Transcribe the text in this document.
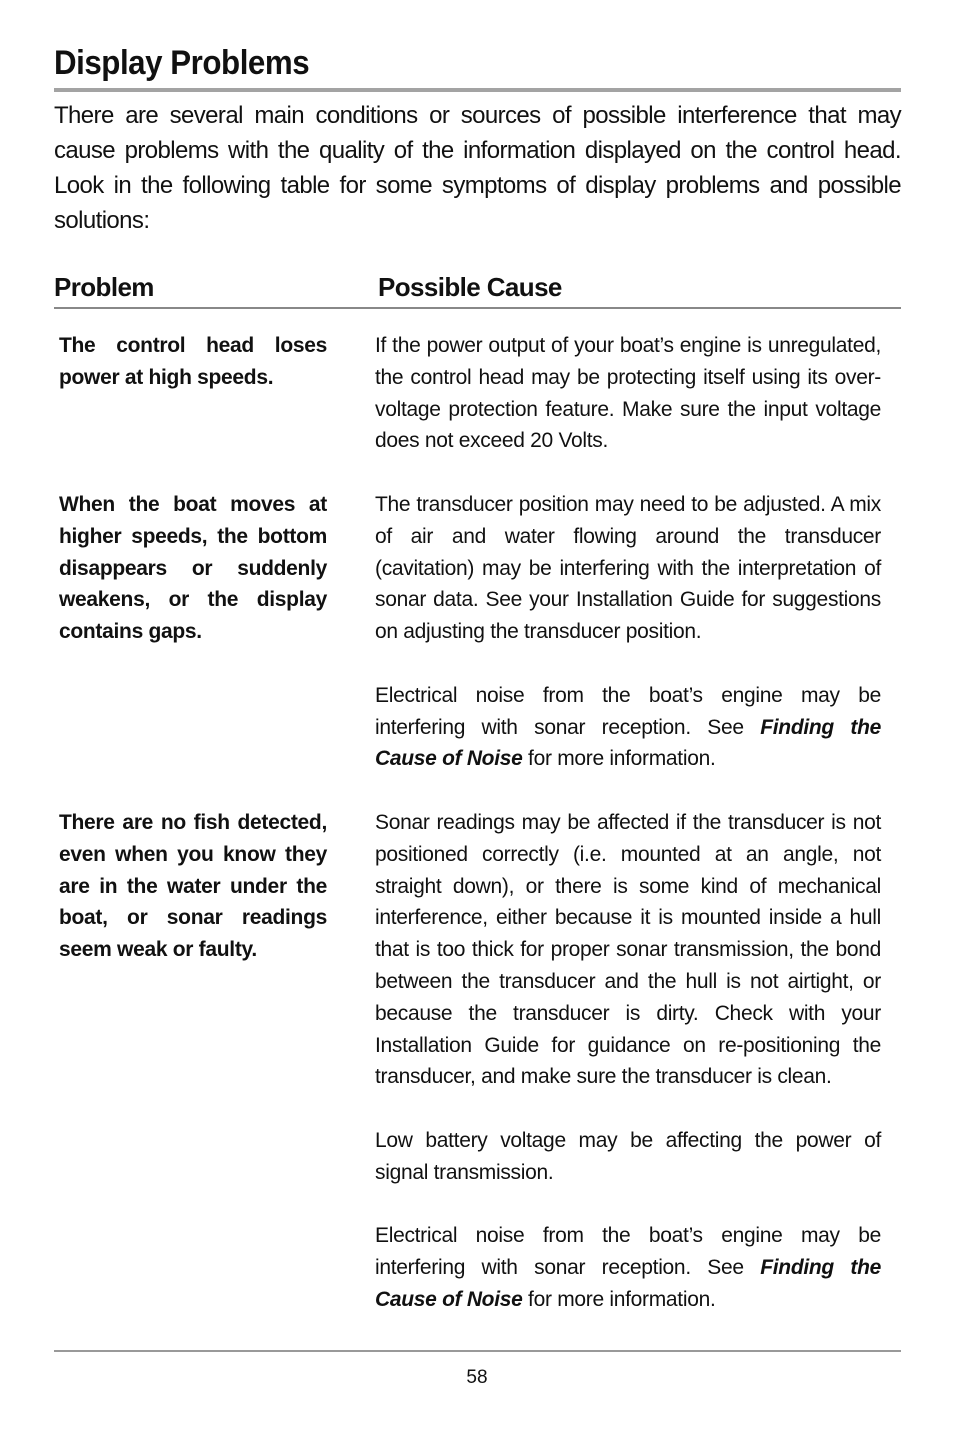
Display Problems
There are several main conditions or sources of possible interference that may cause problems with the quality of the information displayed on the control head. Look in the following table for some symptoms of display problems and possible solutions:
Problem	Possible Cause
The control head loses power at high speeds.

If the power output of your boat’s engine is unregulated, the control head may be protecting itself using its over-voltage protection feature. Make sure the input voltage does not exceed 20 Volts.

When the boat moves at higher speeds, the bottom disappears or suddenly weakens, or the display contains gaps.

The transducer position may need to be adjusted. A mix of air and water flowing around the transducer (cavitation) may be interfering with the interpretation of sonar data. See your Installation Guide for suggestions on adjusting the transducer position.

Electrical noise from the boat’s engine may be interfering with sonar reception. See Finding the Cause of Noise for more information.

There are no fish detected, even when you know they are in the water under the boat, or sonar readings seem weak or faulty.

Sonar readings may be affected if the transducer is not positioned correctly (i.e. mounted at an angle, not straight down), or there is some kind of mechanical interference, either because it is mounted inside a hull that is too thick for proper sonar transmission, the bond between the transducer and the hull is not airtight, or because the transducer is dirty. Check with your Installation Guide for guidance on re-positioning the transducer, and make sure the transducer is clean.

Low battery voltage may be affecting the power of signal transmission.

Electrical noise from the boat’s engine may be interfering with sonar reception. See Finding the Cause of Noise for more information.

58
